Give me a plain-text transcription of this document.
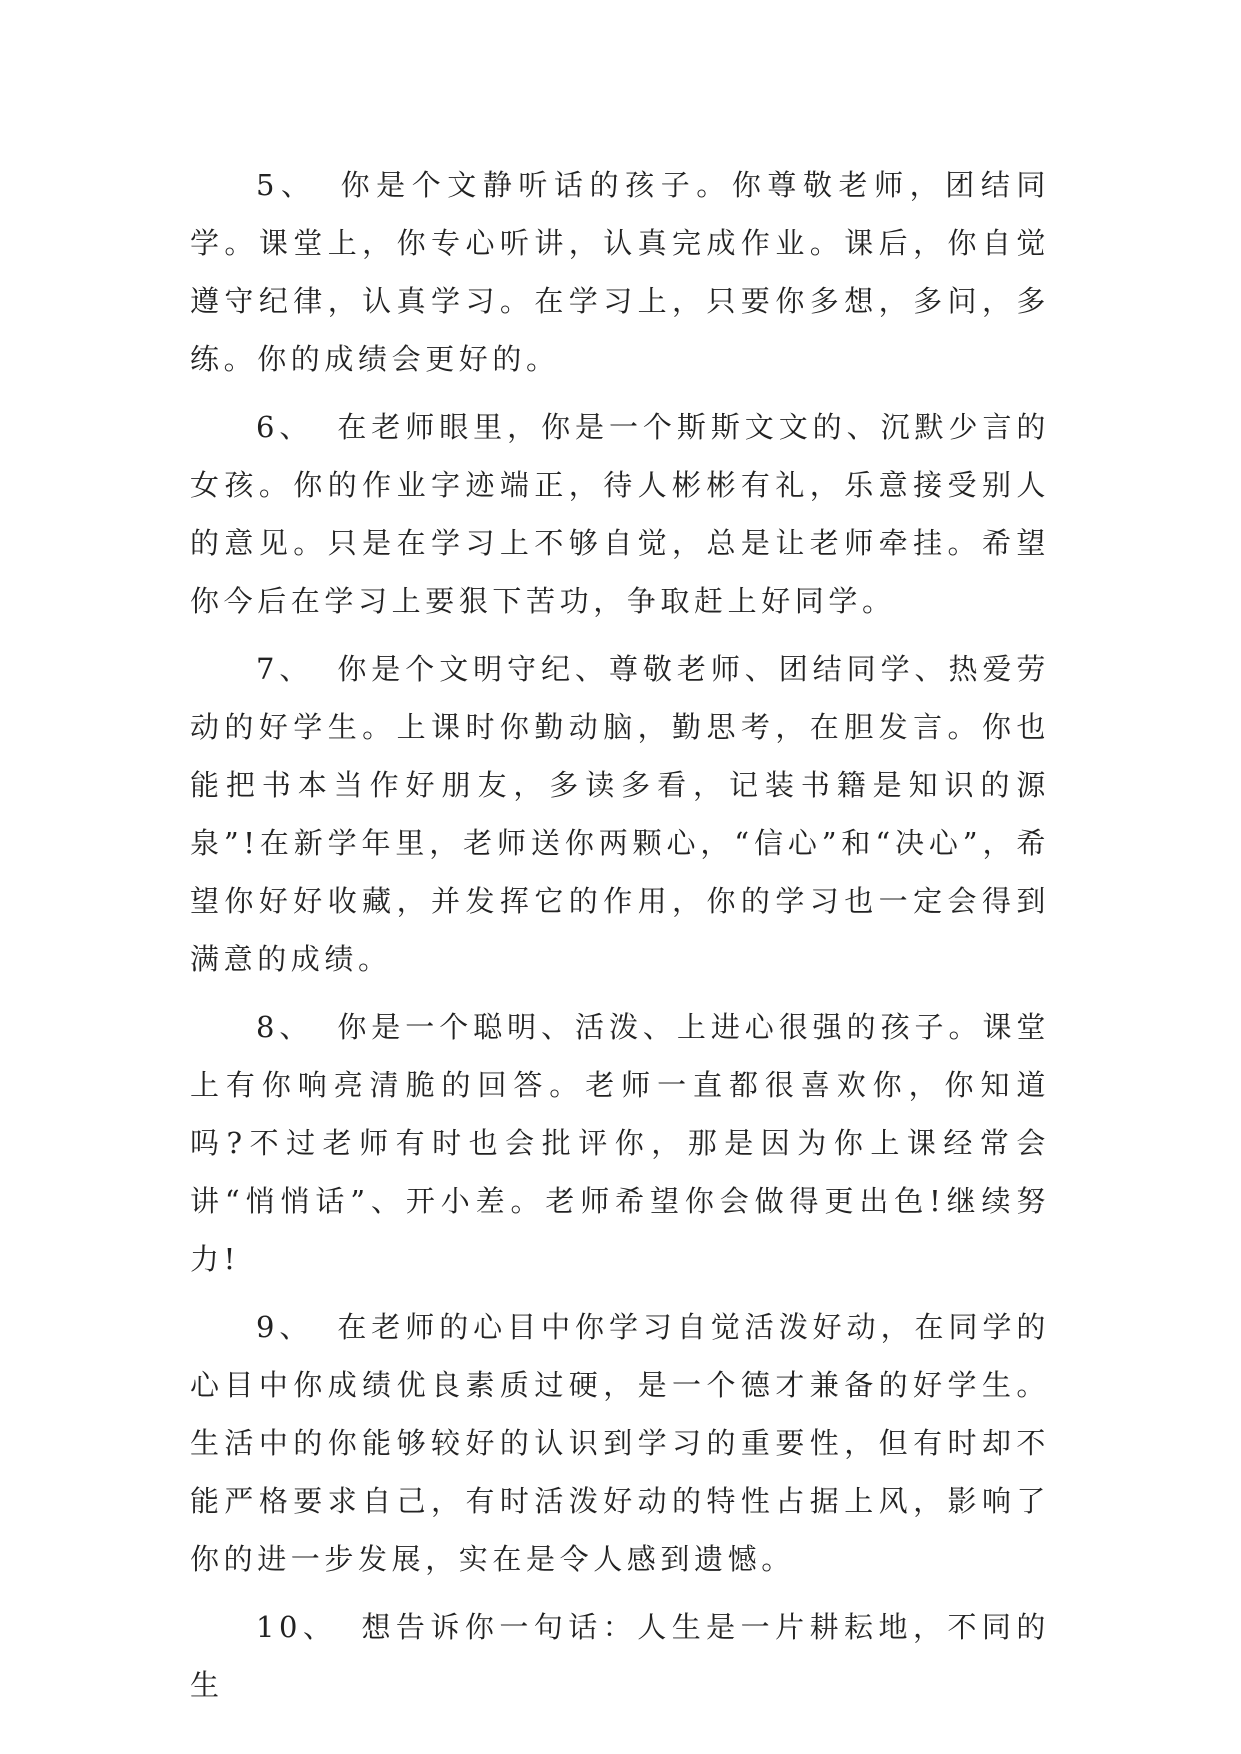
5、 你是个文静听话的孩子。你尊敬老师，团结同学。课堂上，你专心听讲，认真完成作业。课后，你自觉遵守纪律，认真学习。在学习上，只要你多想，多问，多练。你的成绩会更好的。

6、 在老师眼里，你是一个斯斯文文的、沉默少言的女孩。你的作业字迹端正，待人彬彬有礼，乐意接受别人的意见。只是在学习上不够自觉，总是让老师牵挂。希望你今后在学习上要狠下苦功，争取赶上好同学。

7、 你是个文明守纪、尊敬老师、团结同学、热爱劳动的好学生。上课时你勤动脑，勤思考，在胆发言。你也能把书本当作好朋友，多读多看，记装书籍是知识的源泉”!在新学年里，老师送你两颗心，“信心”和“决心”，希望你好好收藏，并发挥它的作用，你的学习也一定会得到满意的成绩。

8、 你是一个聪明、活泼、上进心很强的孩子。课堂上有你响亮清脆的回答。老师一直都很喜欢你，你知道吗?不过老师有时也会批评你，那是因为你上课经常会讲“悄悄话”、开小差。老师希望你会做得更出色!继续努力!

9、 在老师的心目中你学习自觉活泼好动，在同学的心目中你成绩优良素质过硬，是一个德才兼备的好学生。生活中的你能够较好的认识到学习的重要性，但有时却不能严格要求自己，有时活泼好动的特性占据上风，影响了你的进一步发展，实在是令人感到遗憾。

10、 想告诉你一句话：人生是一片耕耘地，不同的生
